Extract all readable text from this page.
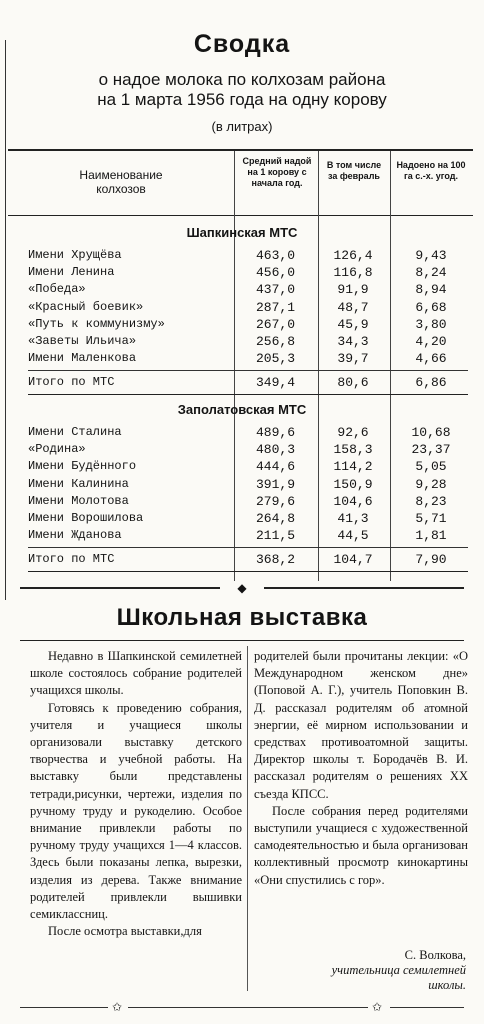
Сводка
о надое молока по колхозам района
на 1 марта 1956 года на одну корову
(в литрах)
Наименование
колхозов
Средний надой на 1 корову с начала год.
В том числе за февраль
Надоено на 100 га с.-х. угод.
Шапкинская МТС
Имени Хрущёва	463,0	126,4	9,43
Имени Ленина	456,0	116,8	8,24
«Победа»	437,0	91,9	8,94
«Красный боевик»	287,1	48,7	6,68
«Путь к коммунизму»	267,0	45,9	3,80
«Заветы Ильича»	256,8	34,3	4,20
Имени Маленкова	205,3	39,7	4,66
Итого по МТС	349,4	80,6	6,86
Заполатовская МТС
Имени Сталина	489,6	92,6	10,68
«Родина»	480,3	158,3	23,37
Имени Будённого	444,6	114,2	5,05
Имени Калинина	391,9	150,9	9,28
Имени Молотова	279,6	104,6	8,23
Имени Ворошилова	264,8	41,3	5,71
Имени Жданова	211,5	44,5	1,81
Итого по МТС	368,2	104,7	7,90
◆
Школьная выставка

Недавно в Шапкинской семилетней школе состоялось собрание родителей учащихся школы.

Готовясь к проведению собрания, учителя и учащиеся школы организовали выставку детского творчества и учебной работы. На выставку были представлены тетради,рисунки, чертежи, изделия по ручному труду и рукоделию. Особое внимание привлекли работы по ручному труду учащихся 1—4 классов. Здесь были показаны лепка, вырезки, изделия из дерева. Также внимание родителей привлекли вышивки семиклассниц.

После осмотра выставки,для

родителей были прочитаны лекции: «О Международном женском дне» (Поповой А. Г.), учитель Поповкин В. Д. рассказал родителям об атомной энергии, её мирном использовании и средствах противоатомной защиты. Директор школы т. Бородачёв В. И. рассказал родителям о решениях XX съезда КПСС.

После собрания перед родителями выступили учащиеся с художественной самодеятельностью и была организован коллективный просмотр кинокартины «Они спустились с гор».

С. Волкова,
учительница семилетней
школы.
✩	✩
